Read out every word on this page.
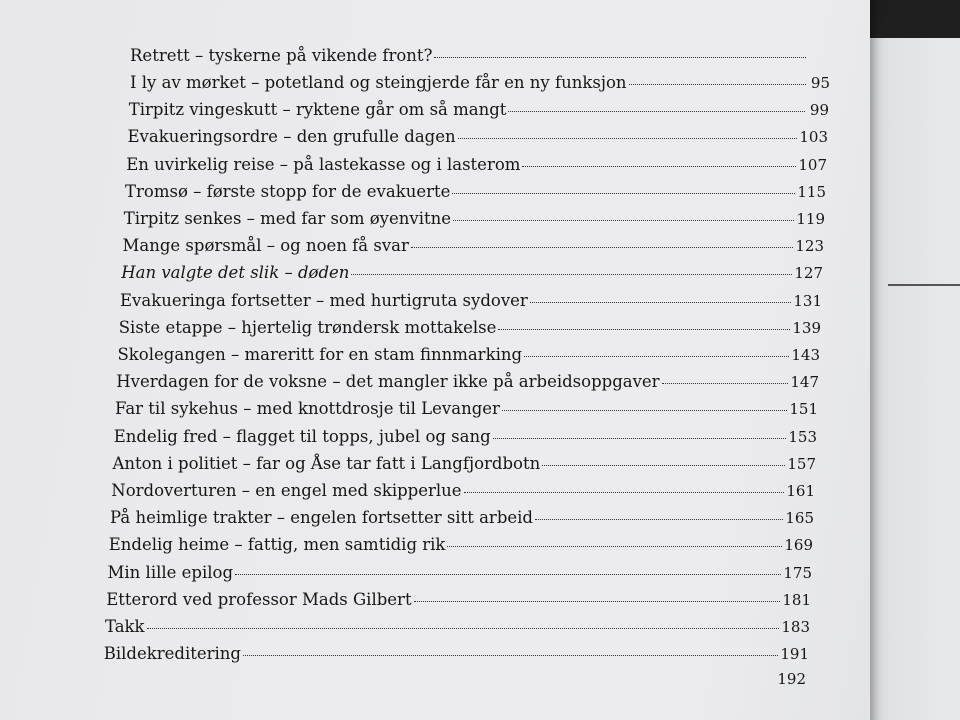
Retrett – tyskerne på vikende front?
I ly av mørket – potetland og steingjerde får en ny funksjon	95
Tirpitz vingeskutt – ryktene går om så mangt	99
Evakueringsordre – den grufulle dagen	103
En uvirkelig reise – på lastekasse og i lasterom	107
Tromsø – første stopp for de evakuerte	115
Tirpitz senkes – med far som øyenvitne	119
Mange spørsmål – og noen få svar	123
Han valgte det slik – døden	127
Evakueringa fortsetter – med hurtigruta sydover	131
Siste etappe – hjertelig trøndersk mottakelse	139
Skolegangen – mareritt for en stam finnmarking	143
Hverdagen for de voksne – det mangler ikke på arbeidsoppgaver	147
Far til sykehus – med knottdrosje til Levanger	151
Endelig fred – flagget til topps, jubel og sang	153
Anton i politiet – far og Åse tar fatt i Langfjordbotn	157
Nordoverturen – en engel med skipperlue	161
På heimlige trakter – engelen fortsetter sitt arbeid	165
Endelig heime – fattig, men samtidig rik	169
Min lille epilog	175
Etterord ved professor Mads Gilbert	181
Takk	183
Bildekreditering	191
192
